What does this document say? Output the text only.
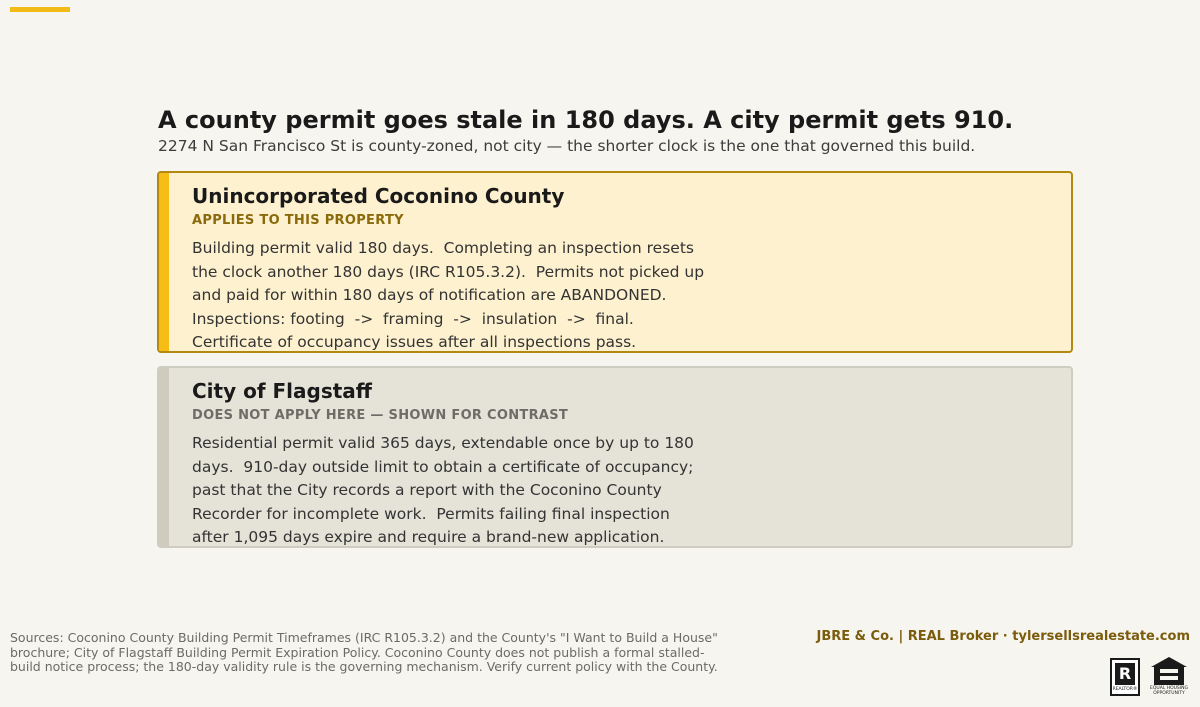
A county permit goes stale in 180 days. A city permit gets 910.

2274 N San Francisco St is county-zoned, not city — the shorter clock is the one that governed this build.

Unincorporated Coconino County
APPLIES TO THIS PROPERTY
Building permit valid 180 days.  Completing an inspection resets
the clock another 180 days (IRC R105.3.2).  Permits not picked up
and paid for within 180 days of notification are ABANDONED.
Inspections: footing  ->  framing  ->  insulation  ->  final.
Certificate of occupancy issues after all inspections pass.
City of Flagstaff
DOES NOT APPLY HERE — SHOWN FOR CONTRAST
Residential permit valid 365 days, extendable once by up to 180
days.  910-day outside limit to obtain a certificate of occupancy;
past that the City records a report with the Coconino County
Recorder for incomplete work.  Permits failing final inspection
after 1,095 days expire and require a brand-new application.

Sources: Coconino County Building Permit Timeframes (IRC R105.3.2) and the County's "I Want to Build a House" brochure; City of Flagstaff Building Permit Expiration Policy. Coconino County does not publish a formal stalled-build notice process; the 180-day validity rule is the governing mechanism. Verify current policy with the County.

JBRE & Co. | REAL Broker · tylersellsrealestate.com
R
REALTOR®	EQUAL HOUSING OPPORTUNITY
